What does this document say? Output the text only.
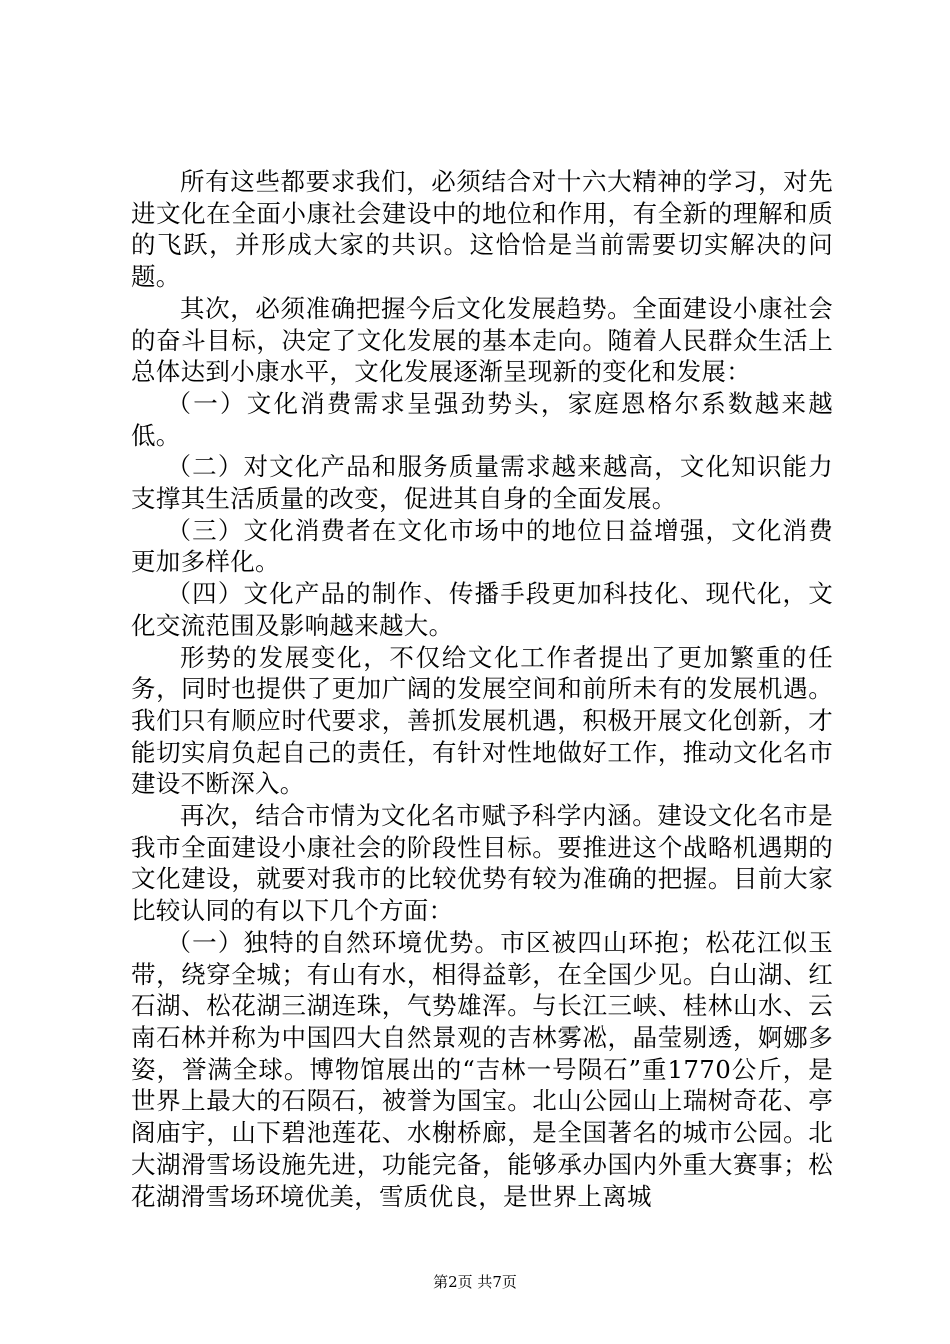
所有这些都要求我们，必须结合对十六大精神的学习，对先进文化在全面小康社会建设中的地位和作用，有全新的理解和质的飞跃，并形成大家的共识。这恰恰是当前需要切实解决的问题。

其次，必须准确把握今后文化发展趋势。全面建设小康社会的奋斗目标，决定了文化发展的基本走向。随着人民群众生活上总体达到小康水平，文化发展逐渐呈现新的变化和发展：

（一）文化消费需求呈强劲势头，家庭恩格尔系数越来越低。

（二）对文化产品和服务质量需求越来越高，文化知识能力支撑其生活质量的改变，促进其自身的全面发展。

（三）文化消费者在文化市场中的地位日益增强，文化消费更加多样化。

（四）文化产品的制作、传播手段更加科技化、现代化，文化交流范围及影响越来越大。

形势的发展变化，不仅给文化工作者提出了更加繁重的任务，同时也提供了更加广阔的发展空间和前所未有的发展机遇。我们只有顺应时代要求，善抓发展机遇，积极开展文化创新，才能切实肩负起自己的责任，有针对性地做好工作，推动文化名市建设不断深入。

再次，结合市情为文化名市赋予科学内涵。建设文化名市是我市全面建设小康社会的阶段性目标。要推进这个战略机遇期的文化建设，就要对我市的比较优势有较为准确的把握。目前大家比较认同的有以下几个方面：

（一）独特的自然环境优势。市区被四山环抱；松花江似玉带，绕穿全城；有山有水，相得益彰，在全国少见。白山湖、红石湖、松花湖三湖连珠，气势雄浑。与长江三峡、桂林山水、云南石林并称为中国四大自然景观的吉林雾凇，晶莹剔透，婀娜多姿，誉满全球。博物馆展出的“吉林一号陨石”重1770公斤，是世界上最大的石陨石，被誉为国宝。北山公园山上瑞树奇花、亭阁庙宇，山下碧池莲花、水榭桥廊，是全国著名的城市公园。北大湖滑雪场设施先进，功能完备，能够承办国内外重大赛事；松花湖滑雪场环境优美，雪质优良，是世界上离城

第2页 共7页
